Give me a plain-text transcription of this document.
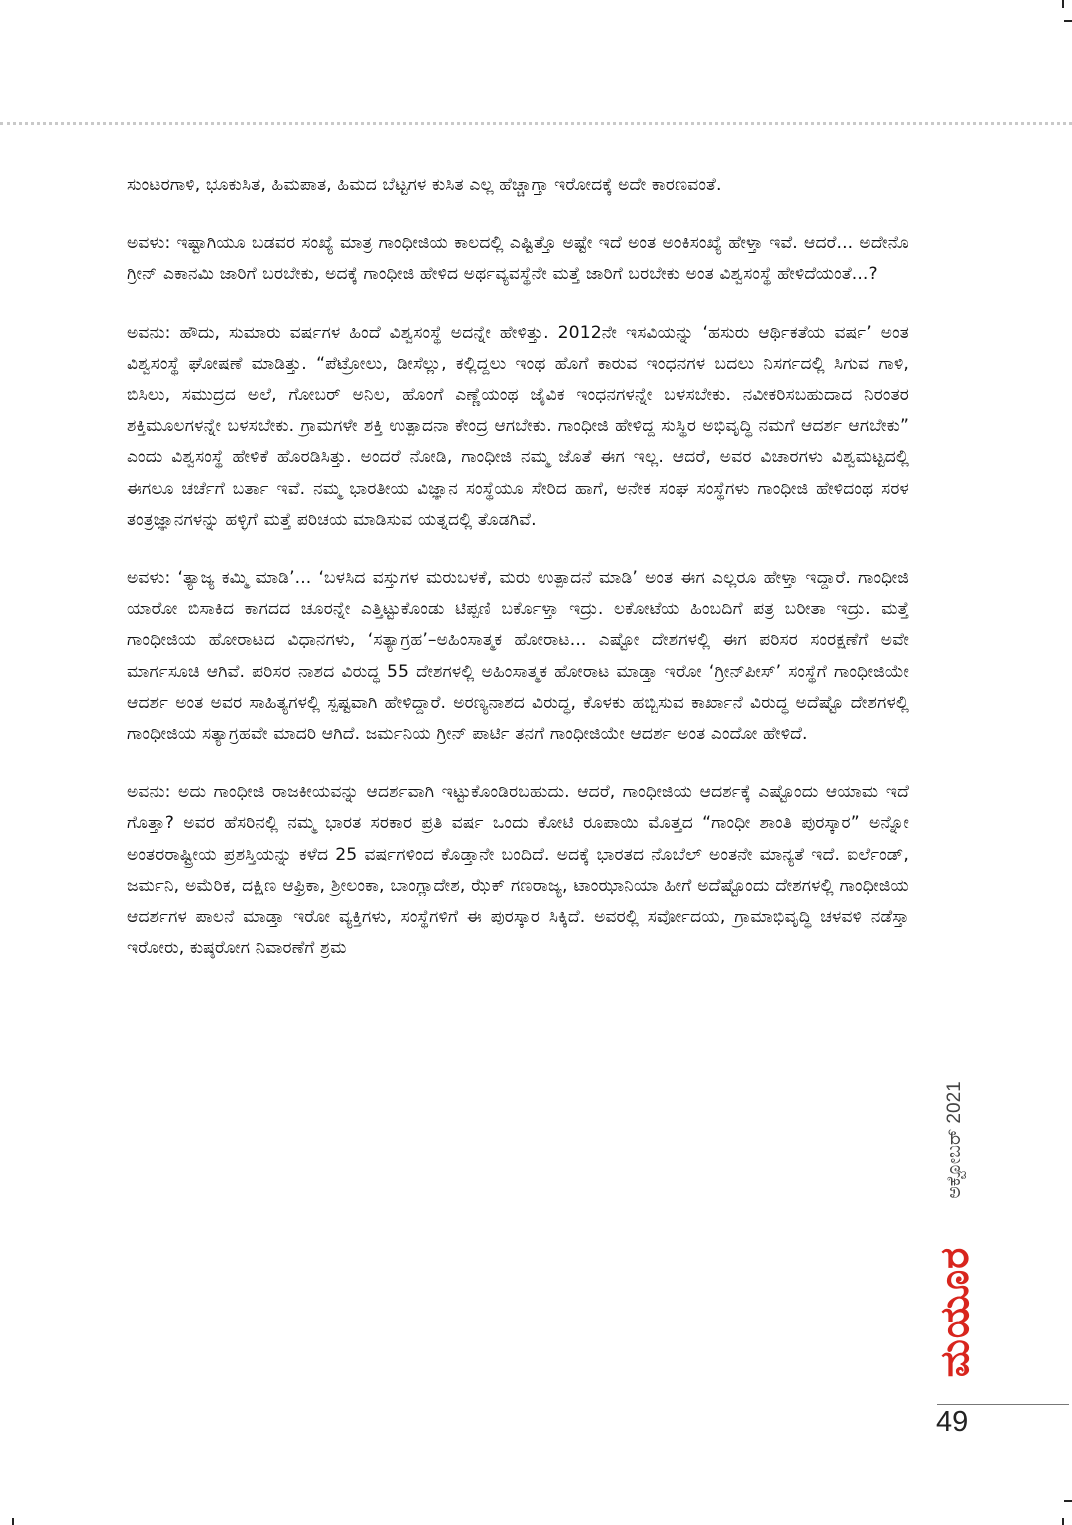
ಸುಂಟರಗಾಳಿ, ಭೂಕುಸಿತ, ಹಿಮಪಾತ, ಹಿಮದ ಬೆಟ್ಟಗಳ ಕುಸಿತ ಎಲ್ಲ ಹೆಚ್ಚಾಗ್ತಾ ಇರೋದಕ್ಕೆ ಅದೇ ಕಾರಣವಂತೆ.

ಅವಳು: ಇಷ್ಟಾಗಿಯೂ ಬಡವರ ಸಂಖ್ಯೆ ಮಾತ್ರ ಗಾಂಧೀಜಿಯ ಕಾಲದಲ್ಲಿ ಎಷ್ಟಿತ್ತೊ ಅಷ್ಟೇ ಇದೆ ಅಂತ ಅಂಕಿಸಂಖ್ಯೆ ಹೇಳ್ತಾ ಇವೆ. ಆದರೆ... ಅದೇನೊ ಗ್ರೀನ್ ಎಕಾನಮಿ ಜಾರಿಗೆ ಬರಬೇಕು, ಅದಕ್ಕೆ ಗಾಂಧೀಜಿ ಹೇಳಿದ ಅರ್ಥವ್ಯವಸ್ಥೆನೇ ಮತ್ತೆ ಜಾರಿಗೆ ಬರಬೇಕು ಅಂತ ವಿಶ್ವಸಂಸ್ಥೆ ಹೇಳಿದೆಯಂತೆ...?

ಅವನು: ಹೌದು, ಸುಮಾರು ವರ್ಷಗಳ ಹಿಂದೆ ವಿಶ್ವಸಂಸ್ಥೆ ಅದನ್ನೇ ಹೇಳಿತ್ತು. 2012ನೇ ಇಸವಿಯನ್ನು ‘ಹಸುರು ಆರ್ಥಿಕತೆಯ ವರ್ಷ’ ಅಂತ ವಿಶ್ವಸಂಸ್ಥೆ ಘೋಷಣೆ ಮಾಡಿತ್ತು. “ಪೆಟ್ರೋಲು, ಡೀಸೆಲ್ಲು, ಕಲ್ಲಿದ್ದಲು ಇಂಥ ಹೊಗೆ ಕಾರುವ ಇಂಧನಗಳ ಬದಲು ನಿಸರ್ಗದಲ್ಲಿ ಸಿಗುವ ಗಾಳಿ, ಬಿಸಿಲು, ಸಮುದ್ರದ ಅಲೆ, ಗೋಬರ್ ಅನಿಲ, ಹೊಂಗೆ ಎಣ್ಣೆಯಂಥ ಜೈವಿಕ ಇಂಧನಗಳನ್ನೇ ಬಳಸಬೇಕು. ನವೀಕರಿಸಬಹುದಾದ ನಿರಂತರ ಶಕ್ತಿಮೂಲಗಳನ್ನೇ ಬಳಸಬೇಕು. ಗ್ರಾಮಗಳೇ ಶಕ್ತಿ ಉತ್ಪಾದನಾ ಕೇಂದ್ರ ಆಗಬೇಕು. ಗಾಂಧೀಜಿ ಹೇಳಿದ್ದ ಸುಸ್ಥಿರ ಅಭಿವೃದ್ಧಿ ನಮಗೆ ಆದರ್ಶ ಆಗಬೇಕು” ಎಂದು ವಿಶ್ವಸಂಸ್ಥೆ ಹೇಳಿಕೆ ಹೊರಡಿಸಿತ್ತು. ಅಂದರೆ ನೋಡಿ, ಗಾಂಧೀಜಿ ನಮ್ಮ ಜೊತೆ ಈಗ ಇಲ್ಲ. ಆದರೆ, ಅವರ ವಿಚಾರಗಳು ವಿಶ್ವಮಟ್ಟದಲ್ಲಿ ಈಗಲೂ ಚರ್ಚೆಗೆ ಬರ್ತಾ ಇವೆ. ನಮ್ಮ ಭಾರತೀಯ ವಿಜ್ಞಾನ ಸಂಸ್ಥೆಯೂ ಸೇರಿದ ಹಾಗೆ, ಅನೇಕ ಸಂಘ ಸಂಸ್ಥೆಗಳು ಗಾಂಧೀಜಿ ಹೇಳಿದಂಥ ಸರಳ ತಂತ್ರಜ್ಞಾನಗಳನ್ನು ಹಳ್ಳಿಗೆ ಮತ್ತೆ ಪರಿಚಯ ಮಾಡಿಸುವ ಯತ್ನದಲ್ಲಿ ತೊಡಗಿವೆ.

ಅವಳು: ‘ತ್ಯಾಜ್ಯ ಕಮ್ಮಿ ಮಾಡಿ’... ‘ಬಳಸಿದ ವಸ್ತುಗಳ ಮರುಬಳಕೆ, ಮರು ಉತ್ಪಾದನೆ ಮಾಡಿ’ ಅಂತ ಈಗ ಎಲ್ಲರೂ ಹೇಳ್ತಾ ಇದ್ದಾರೆ. ಗಾಂಧೀಜಿ ಯಾರೋ ಬಿಸಾಕಿದ ಕಾಗದದ ಚೂರನ್ನೇ ಎತ್ತಿಟ್ಟುಕೊಂಡು ಟಿಪ್ಪಣಿ ಬರ್ಕೊಳ್ತಾ ಇದ್ರು. ಲಕೋಟೆಯ ಹಿಂಬದಿಗೆ ಪತ್ರ ಬರೀತಾ ಇದ್ರು. ಮತ್ತೆ ಗಾಂಧೀಜಿಯ ಹೋರಾಟದ ವಿಧಾನಗಳು, ‘ಸತ್ಯಾಗ್ರಹ’–ಅಹಿಂಸಾತ್ಮಕ ಹೋರಾಟ... ಎಷ್ಟೋ ದೇಶಗಳಲ್ಲಿ ಈಗ ಪರಿಸರ ಸಂರಕ್ಷಣೆಗೆ ಅವೇ ಮಾರ್ಗಸೂಚಿ ಆಗಿವೆ. ಪರಿಸರ ನಾಶದ ವಿರುದ್ಧ 55 ದೇಶಗಳಲ್ಲಿ ಅಹಿಂಸಾತ್ಮಕ ಹೋರಾಟ ಮಾಡ್ತಾ ಇರೋ ‘ಗ್ರೀನ್‌ಪೀಸ್’ ಸಂಸ್ಥೆಗೆ ಗಾಂಧೀಜಿಯೇ ಆದರ್ಶ ಅಂತ ಅವರ ಸಾಹಿತ್ಯಗಳಲ್ಲಿ ಸ್ಪಷ್ಟವಾಗಿ ಹೇಳಿದ್ದಾರೆ. ಅರಣ್ಯನಾಶದ ವಿರುದ್ಧ, ಕೊಳಕು ಹಬ್ಬಿಸುವ ಕಾರ್ಖಾನೆ ವಿರುದ್ಧ ಅದೆಷ್ಟೊ ದೇಶಗಳಲ್ಲಿ ಗಾಂಧೀಜಿಯ ಸತ್ಯಾಗ್ರಹವೇ ಮಾದರಿ ಆಗಿದೆ. ಜರ್ಮನಿಯ ಗ್ರೀನ್ ಪಾರ್ಟಿ ತನಗೆ ಗಾಂಧೀಜಿಯೇ ಆದರ್ಶ ಅಂತ ಎಂದೋ ಹೇಳಿದೆ.

ಅವನು: ಅದು ಗಾಂಧೀಜಿ ರಾಜಕೀಯವನ್ನು ಆದರ್ಶವಾಗಿ ಇಟ್ಟುಕೊಂಡಿರಬಹುದು. ಆದರೆ, ಗಾಂಧೀಜಿಯ ಆದರ್ಶಕ್ಕೆ ಎಷ್ಟೊಂದು ಆಯಾಮ ಇದೆ ಗೊತ್ತಾ? ಅವರ ಹೆಸರಿನಲ್ಲಿ ನಮ್ಮ ಭಾರತ ಸರಕಾರ ಪ್ರತಿ ವರ್ಷ ಒಂದು ಕೋಟಿ ರೂಪಾಯಿ ಮೊತ್ತದ “ಗಾಂಧೀ ಶಾಂತಿ ಪುರಸ್ಕಾರ” ಅನ್ನೋ ಅಂತರರಾಷ್ಟ್ರೀಯ ಪ್ರಶಸ್ತಿಯನ್ನು ಕಳೆದ 25 ವರ್ಷಗಳಿಂದ ಕೊಡ್ತಾನೇ ಬಂದಿದೆ. ಅದಕ್ಕೆ ಭಾರತದ ನೊಬೆಲ್ ಅಂತನೇ ಮಾನ್ಯತೆ ಇದೆ. ಐರ್ಲೆಂಡ್, ಜರ್ಮನಿ, ಅಮೆರಿಕ, ದಕ್ಷಿಣ ಆಫ್ರಿಕಾ, ಶ್ರೀಲಂಕಾ, ಬಾಂಗ್ಲಾದೇಶ, ಝೆಕ್ ಗಣರಾಜ್ಯ, ಟಾಂಝಾನಿಯಾ ಹೀಗೆ ಅದೆಷ್ಟೊಂದು ದೇಶಗಳಲ್ಲಿ ಗಾಂಧೀಜಿಯ ಆದರ್ಶಗಳ ಪಾಲನೆ ಮಾಡ್ತಾ ಇರೋ ವ್ಯಕ್ತಿಗಳು, ಸಂಸ್ಥೆಗಳಿಗೆ ಈ ಪುರಸ್ಕಾರ ಸಿಕ್ಕಿದೆ. ಅವರಲ್ಲಿ ಸರ್ವೋದಯ, ಗ್ರಾಮಾಭಿವೃದ್ಧಿ ಚಳವಳಿ ನಡೆಸ್ತಾ ಇರೋರು, ಕುಷ್ಠರೋಗ ನಿವಾರಣೆಗೆ ಶ್ರಮ

ಅಕ್ಟೋಬರ್ 2021
ಮಯೂರ
49
